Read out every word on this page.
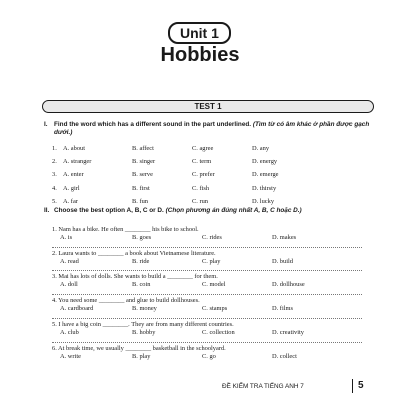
Unit 1
Hobbies
TEST 1
I. Find the word which has a different sound in the part underlined. (Tìm từ có âm khác ở phần được gạch dưới.)
1. A. about	B. affect	C. agree	D. any
2. A. stranger	B. singer	C. term	D. energy
3. A. enter	B. serve	C. prefer	D. emerge
4. A. girl	B. first	C. fish	D. thirsty
5. A. far	B. fun	C. run	D. lucky
II. Choose the best option A, B, C or D. (Chọn phương án đúng nhất A, B, C hoặc D.)
1. Nam has a bike. He often ________ his bike to school.
A. is	B. goes	C. rides	D. makes
2. Laura wants to ________ a book about Vietnamese literature.
A. read	B. ride	C. play	D. build
3. Mai has lots of dolls. She wants to build a ________ for them.
A. doll	B. coin	C. model	D. dollhouse
4. You need some ________ and glue to build dollhouses.
A. cardboard	B. money	C. stamps	D. films
5. I have a big coin ________. They are from many different countries.
A. club	B. hobby	C. collection	D. creativity
6. At break time, we usually ________ basketball in the schoolyard.
A. write	B. play	C. go	D. collect
ĐỀ KIỂM TRA TIẾNG ANH 7	5
